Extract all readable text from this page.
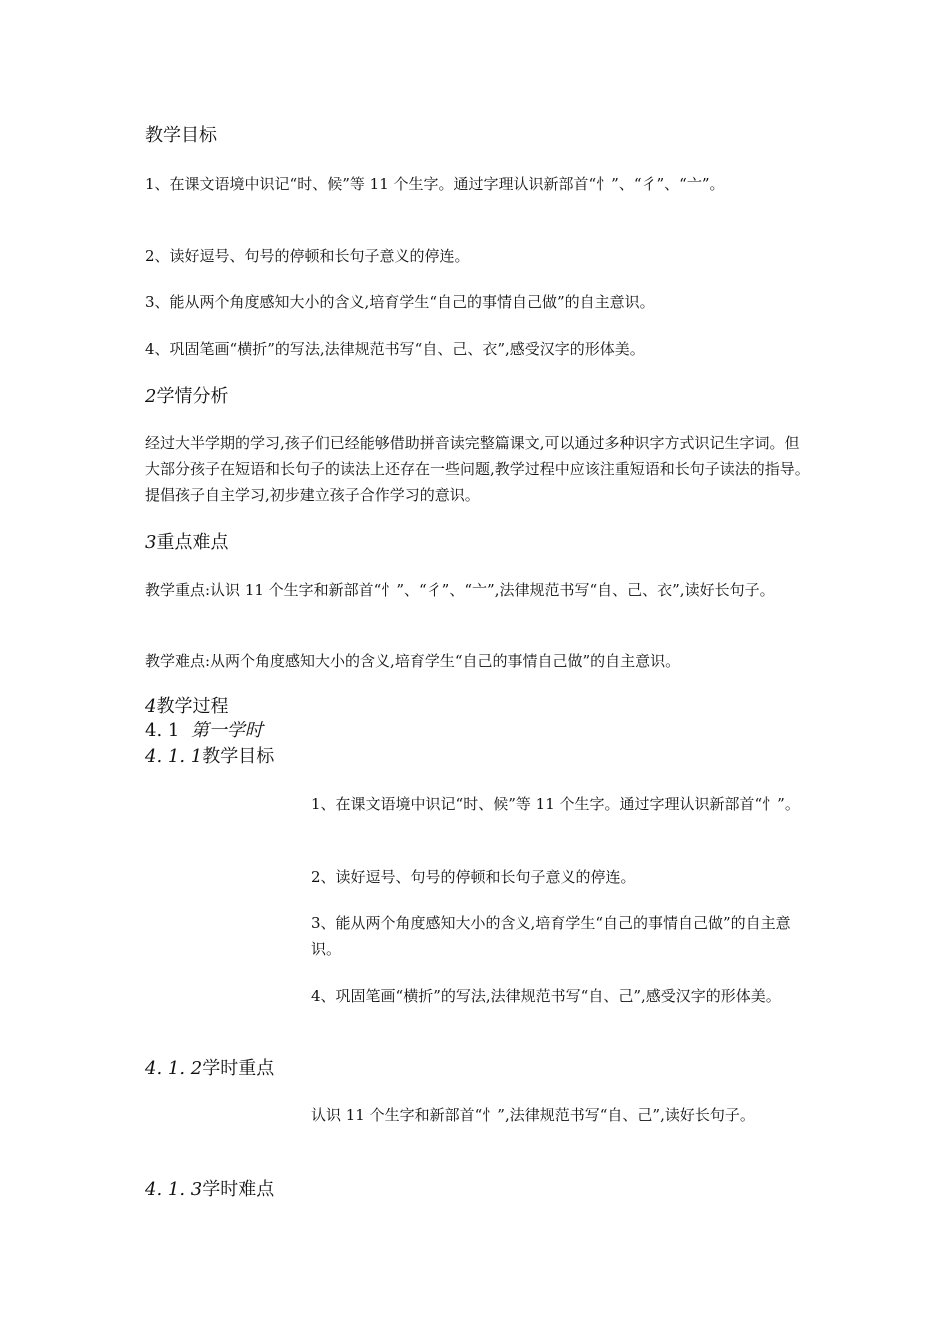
教学目标

1、在课文语境中识记“时、候”等 11 个生字。通过字理认识新部首“忄”、“彳”、“亠”。

2、读好逗号、句号的停顿和长句子意义的停连。

3、能从两个角度感知大小的含义,培育学生“自己的事情自己做”的自主意识。

4、巩固笔画“横折”的写法,法律规范书写“自、己、衣”,感受汉字的形体美。

2学情分析

经过大半学期的学习,孩子们已经能够借助拼音读完整篇课文,可以通过多种识字方式识记生字词。但大部分孩子在短语和长句子的读法上还存在一些问题,教学过程中应该注重短语和长句子读法的指导。提倡孩子自主学习,初步建立孩子合作学习的意识。

3重点难点

教学重点:认识 11 个生字和新部首“忄”、“彳”、“亠”,法律规范书写“自、己、衣”,读好长句子。

教学难点:从两个角度感知大小的含义,培育学生“自己的事情自己做”的自主意识。

4教学过程
4. 1 第一学时
4. 1. 1教学目标

1、在课文语境中识记“时、候”等 11 个生字。通过字理认识新部首“忄”。

2、读好逗号、句号的停顿和长句子意义的停连。

3、能从两个角度感知大小的含义,培育学生“自己的事情自己做”的自主意识。

4、巩固笔画“横折”的写法,法律规范书写“自、己”,感受汉字的形体美。

4. 1. 2学时重点

认识 11 个生字和新部首“忄”,法律规范书写“自、己”,读好长句子。

4. 1. 3学时难点
